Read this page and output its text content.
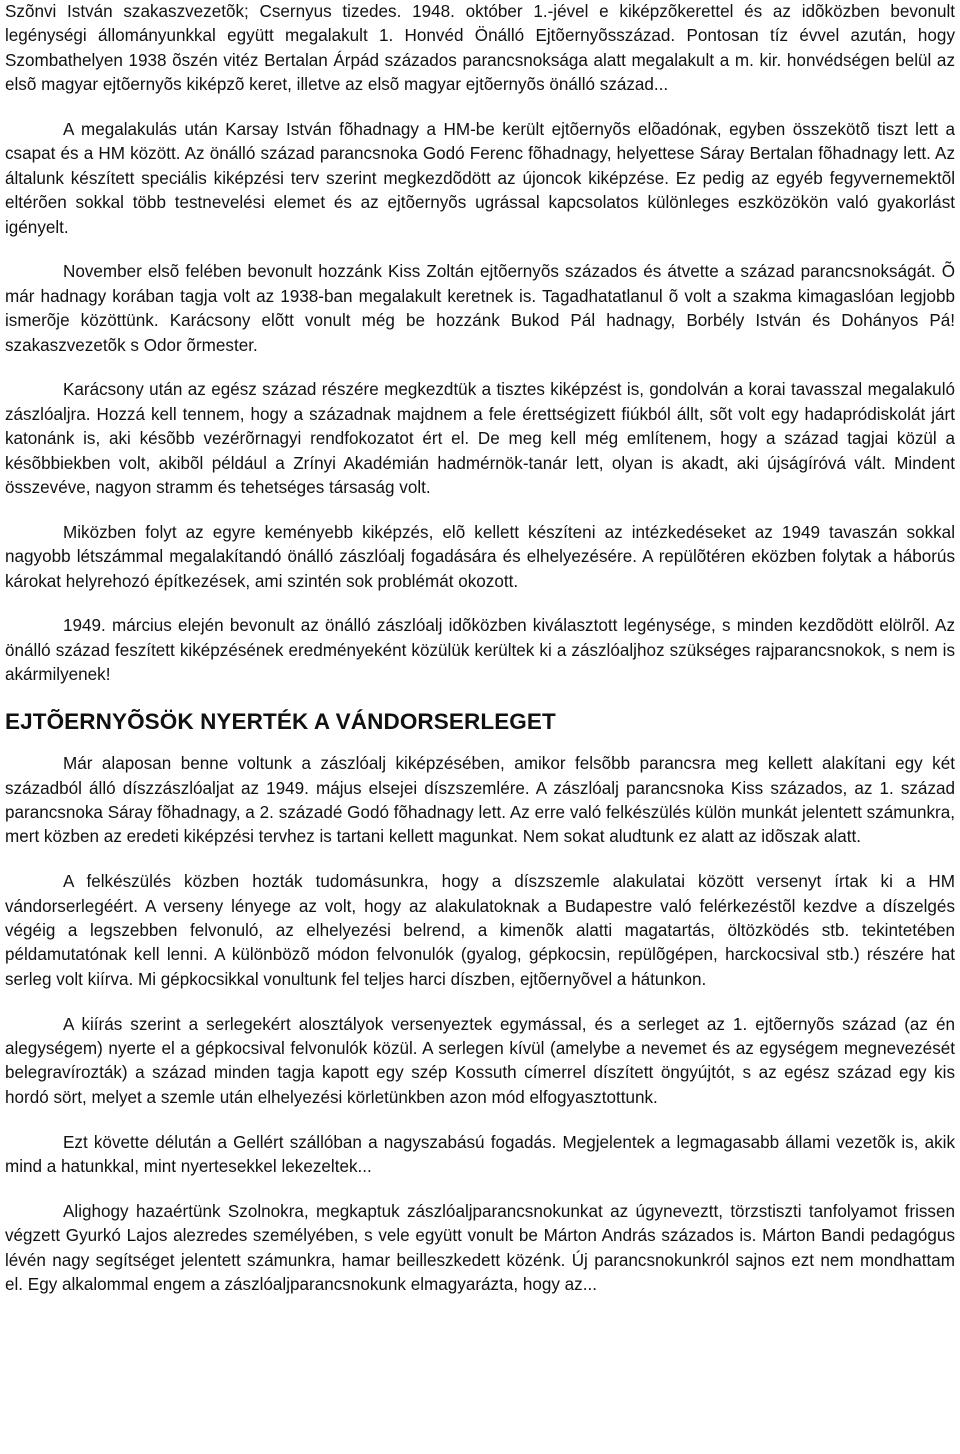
Szõnvi István szakaszvezetõk; Csernyus tizedes. 1948. október 1.-jével e kiképzõkerettel és az idõközben bevonult legénységi állományunkkal együtt megalakult 1. Honvéd Önálló Ejtõernyõsszázad. Pontosan tíz évvel azután, hogy Szombathelyen 1938 õszén vitéz Bertalan Árpád százados parancsnoksága alatt megalakult a m. kir. honvédségen belül az elsõ magyar ejtõernyõs kiképzõ keret, illetve az elsõ magyar ejtõernyõs önálló század...

A megalakulás után Karsay István fõhadnagy a HM-be került ejtõernyõs elõadónak, egyben összekötõ tiszt lett a csapat és a HM között. Az önálló század parancsnoka Godó Ferenc fõhadnagy, helyettese Sáray Bertalan fõhadnagy lett. Az általunk készített speciális kiképzési terv szerint megkezdõdött az újoncok kiképzése. Ez pedig az egyéb fegyvernemektõl eltérõen sokkal több testnevelési elemet és az ejtõernyõs ugrással kapcsolatos különleges eszközökön való gyakorlást igényelt.

November elsõ felében bevonult hozzánk Kiss Zoltán ejtõernyõs százados és átvette a század parancsnokságát. Õ már hadnagy korában tagja volt az 1938-ban megalakult keretnek is. Tagadhatatlanul õ volt a szakma kimagaslóan legjobb ismerõje közöttünk. Karácsony elõtt vonult még be hozzánk Bukod Pál hadnagy, Borbély István és Dohányos Pá! szakaszvezetõk s Odor õrmester.

Karácsony után az egész század részére megkezdtük a tisztes kiképzést is, gondolván a korai tavasszal megalakuló zászlóaljra. Hozzá kell tennem, hogy a századnak majdnem a fele érettségizett fiúkból állt, sõt volt egy hadapródiskolát járt katonánk is, aki késõbb vezérõrnagyi rendfokozatot ért el. De meg kell még említenem, hogy a század tagjai közül a késõbbiekben volt, akibõl például a Zrínyi Akadémián hadmérnök-tanár lett, olyan is akadt, aki újságíróvá vált. Mindent összevéve, nagyon stramm és tehetséges társaság volt.

Miközben folyt az egyre keményebb kiképzés, elõ kellett készíteni az intézkedéseket az 1949 tavaszán sokkal nagyobb létszámmal megalakítandó önálló zászlóalj fogadására és elhelyezésére. A repülõtéren eközben folytak a háborús károkat helyrehozó építkezések, ami szintén sok problémát okozott.

1949. március elején bevonult az önálló zászlóalj idõközben kiválasztott legénysége, s minden kezdõdött elölrõl. Az önálló század feszített kiképzésének eredményeként közülük kerültek ki a zászlóaljhoz szükséges rajparancsnokok, s nem is akármilyenek!

EJTÕERNYÕSÖK NYERTÉK A VÁNDORSERLEGET

Már alaposan benne voltunk a zászlóalj kiképzésében, amikor felsõbb parancsra meg kellett alakítani egy két századból álló díszzászlóaljat az 1949. május elsejei díszszemlére. A zászlóalj parancsnoka Kiss százados, az 1. század parancsnoka Sáray fõhadnagy, a 2. századé Godó fõhadnagy lett. Az erre való felkészülés külön munkát jelentett számunkra, mert közben az eredeti kiképzési tervhez is tartani kellett magunkat. Nem sokat aludtunk ez alatt az idõszak alatt.

A felkészülés közben hozták tudomásunkra, hogy a díszszemle alakulatai között versenyt írtak ki a HM vándorserlegéért. A verseny lényege az volt, hogy az alakulatoknak a Budapestre való felérkezéstõl kezdve a díszelgés végéig a legszebben felvonuló, az elhelyezési belrend, a kimenõk alatti magatartás, öltözködés stb. tekintetében példamutatónak kell lenni. A különbözõ módon felvonulók (gyalog, gépkocsin, repülõgépen, harckocsival stb.) részére hat serleg volt kiírva. Mi gépkocsikkal vonultunk fel teljes harci díszben, ejtõernyõvel a hátunkon.

A kiírás szerint a serlegekért alosztályok versenyeztek egymással, és a serleget az 1. ejtõernyõs század (az én alegységem) nyerte el a gépkocsival felvonulók közül. A serlegen kívül (amelybe a nevemet és az egységem megnevezését belegravírozták) a század minden tagja kapott egy szép Kossuth címerrel díszített öngyújtót, s az egész század egy kis hordó sört, melyet a szemle után elhelyezési körletünkben azon mód elfogyasztottunk.

Ezt követte délután a Gellért szállóban a nagyszabású fogadás. Megjelentek a legmagasabb állami vezetõk is, akik mind a hatunkkal, mint nyertesekkel lekezeltek...

Alighogy hazaértünk Szolnokra, megkaptuk zászlóaljparancsnokunkat az úgyneveztt, törzstiszti tanfolyamot frissen végzett Gyurkó Lajos alezredes személyében, s vele együtt vonult be Márton András százados is. Márton Bandi pedagógus lévén nagy segítséget jelentett számunkra, hamar beilleszkedett közénk. Új parancsnokunkról sajnos ezt nem mondhattam el. Egy alkalommal engem a zászlóaljparancsnokunk elmagyarázta, hogy az...
